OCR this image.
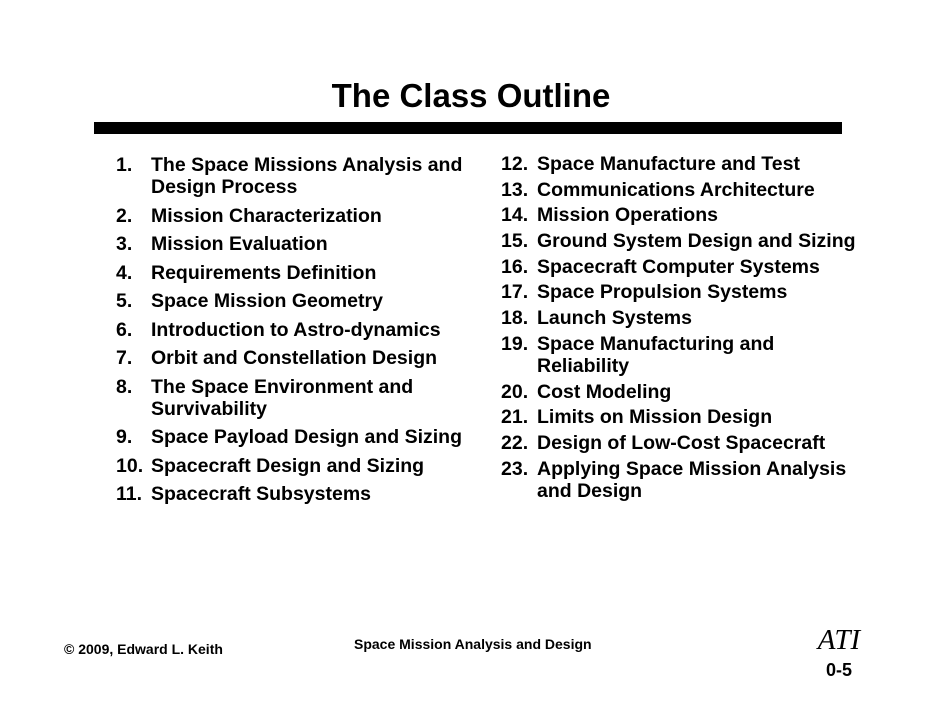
The Class Outline
1. The Space Missions Analysis and Design Process
2. Mission Characterization
3. Mission Evaluation
4. Requirements Definition
5. Space Mission Geometry
6. Introduction to Astro-dynamics
7. Orbit and Constellation Design
8. The Space Environment and Survivability
9. Space Payload Design and Sizing
10. Spacecraft Design and Sizing
11. Spacecraft Subsystems
12. Space Manufacture and Test
13. Communications Architecture
14. Mission Operations
15. Ground System Design and Sizing
16. Spacecraft Computer Systems
17. Space Propulsion Systems
18. Launch Systems
19. Space Manufacturing and Reliability
20. Cost Modeling
21. Limits on Mission Design
22. Design of Low-Cost Spacecraft
23. Applying Space Mission Analysis and Design
© 2009, Edward L. Keith	Space Mission Analysis and Design	ATI
0-5
